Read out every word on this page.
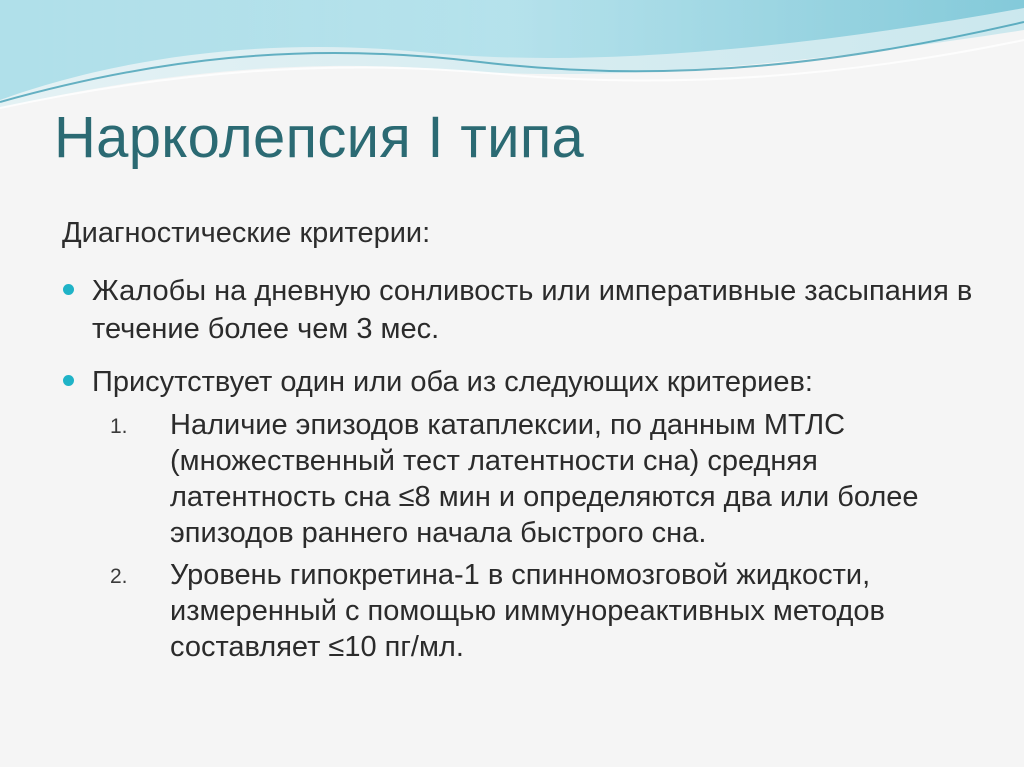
Нарколепсия I типа

Диагностические критерии:

Жалобы на дневную сонливость или императивные засыпания в течение более чем 3 мес.
Присутствует один или оба из следующих критериев:
1. Наличие эпизодов катаплексии, по данным МТЛС (множественный тест латентности сна) средняя латентность сна ≤8 мин и определяются два или более эпизодов раннего начала быстрого сна.
2. Уровень гипокретина-1 в спинномозговой жидкости, измеренный с помощью иммунореактивных методов составляет ≤10 пг/мл.
